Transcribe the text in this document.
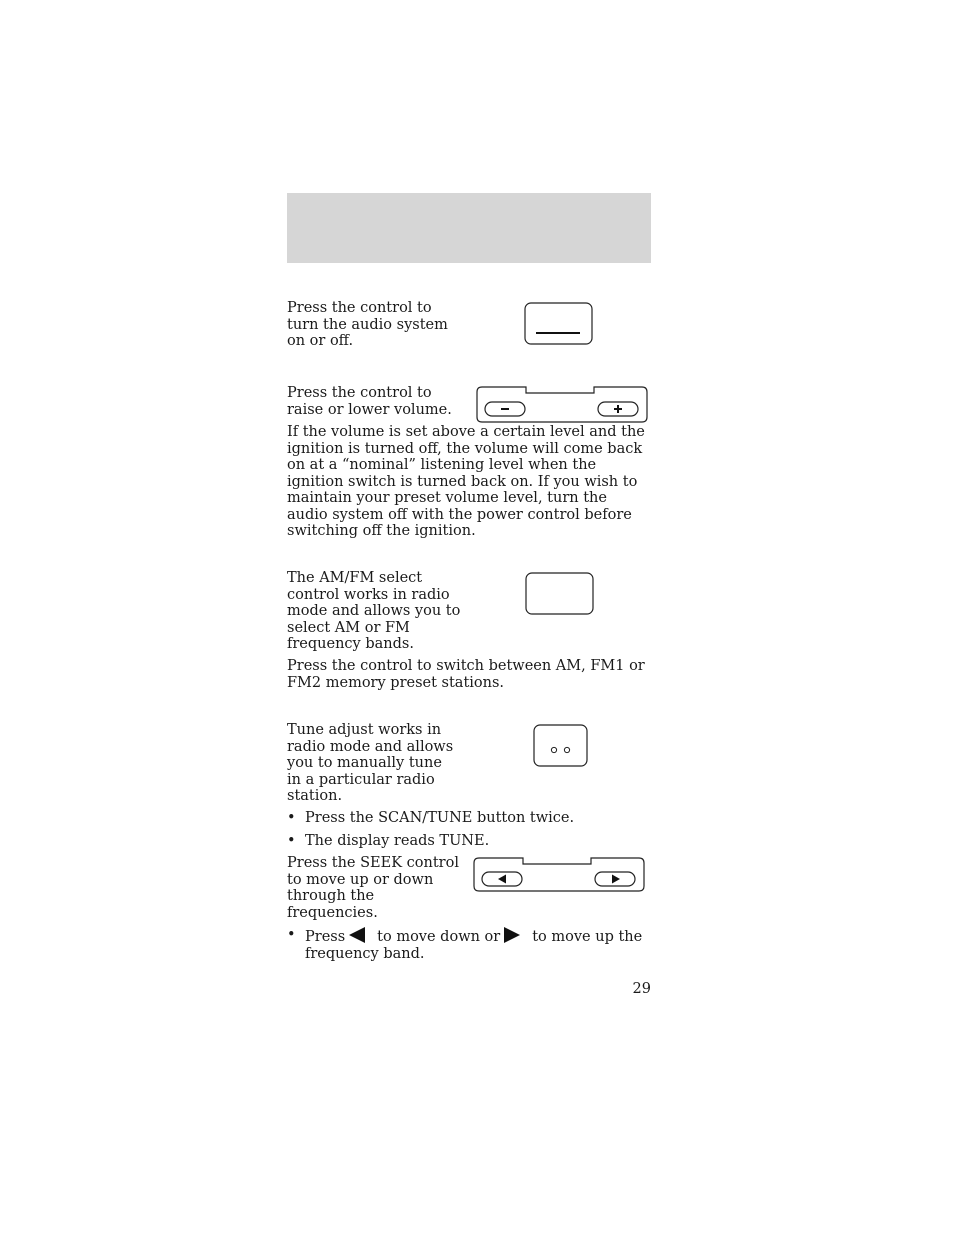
Press the control to turn the audio system on or off.

Press the control to raise or lower volume.

If the volume is set above a certain level and the ignition is turned off, the volume will come back on at a “nominal” listening level when the ignition switch is turned back on. If you wish to maintain your preset volume level, turn the audio system off with the power control before switching off the ignition.

The AM/FM select control works in radio mode and allows you to select AM or FM frequency bands.

Press the control to switch between AM, FM1 or FM2 memory preset stations.

Tune adjust works in radio mode and allows you to manually tune in a particular radio station.

• Press the SCAN/TUNE button twice.
• The display reads TUNE.

Press the SEEK control to move up or down through the frequencies.

• Press to move down or to move up the frequency band.
29
